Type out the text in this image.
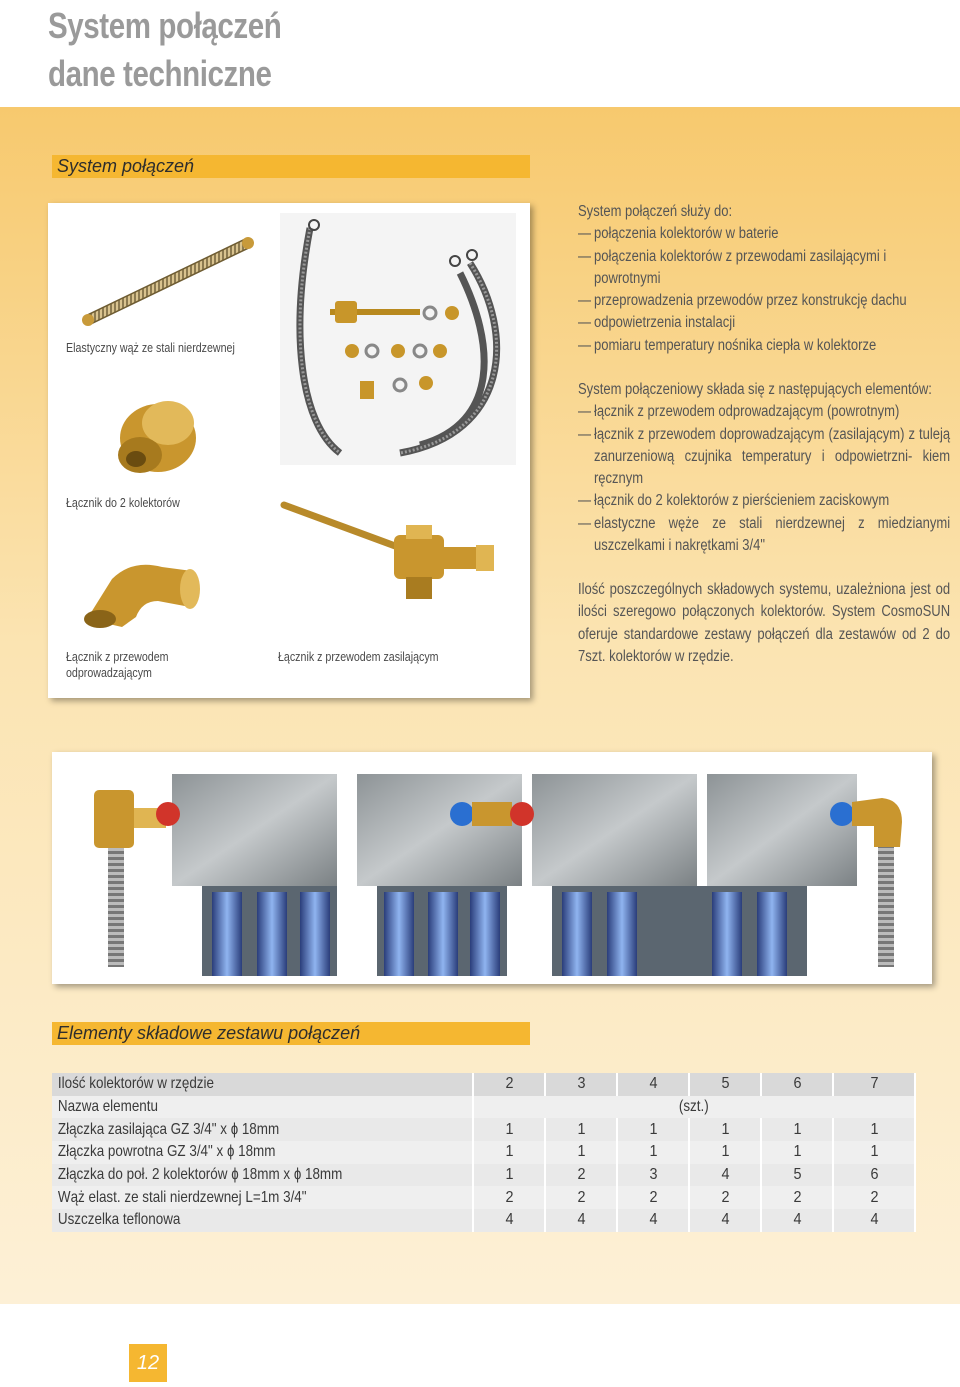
System połączeń
dane techniczne
System połączeń
Elastyczny wąż ze stali nierdzewnej
Łącznik do 2 kolektorów
Łącznik z przewodem
odprowadzającym
Łącznik z przewodem zasilającym

System połączeń służy do:

— połączenia kolektorów w baterie

— połączenia kolektorów z przewodami zasilającymi i powrotnymi

— przeprowadzenia przewodów przez konstrukcję dachu

— odpowietrzenia instalacji

— pomiaru temperatury nośnika ciepła w kolektorze

System połączeniowy składa się z następujących elementów:

— łącznik z przewodem odprowadzającym (powrotnym)

— łącznik z przewodem doprowadzającym (zasilającym) z tuleją zanurzeniową czujnika temperatury i odpowietrzni- kiem ręcznym

— łącznik do 2 kolektorów z pierścieniem zaciskowym

— elastyczne węże ze stali nierdzewnej z miedzianymi uszczelkami i nakrętkami 3/4"

Ilość poszczególnych składowych systemu, uzależniona jest od ilości szeregowo połączonych kolektorów. System CosmoSUN oferuje standardowe zestawy połączeń dla zestawów od 2 do 7szt. kolektorów w rzędzie.

Elementy składowe zestawu połączeń
Ilość kolektorów w rzędzie	2	3	4	5	6	7
Nazwa elementu	(szt.)					
Złączka zasilająca GZ 3/4" x ɸ 18mm	1	1	1	1	1	1
Złączka powrotna GZ 3/4" x ɸ 18mm	1	1	1	1	1	1
Złączka do poł. 2 kolektorów ɸ 18mm x ɸ 18mm	1	2	3	4	5	6
Wąż elast. ze stali nierdzewnej L=1m 3/4"	2	2	2	2	2	2
Uszczelka teflonowa	4	4	4	4	4	4
12
